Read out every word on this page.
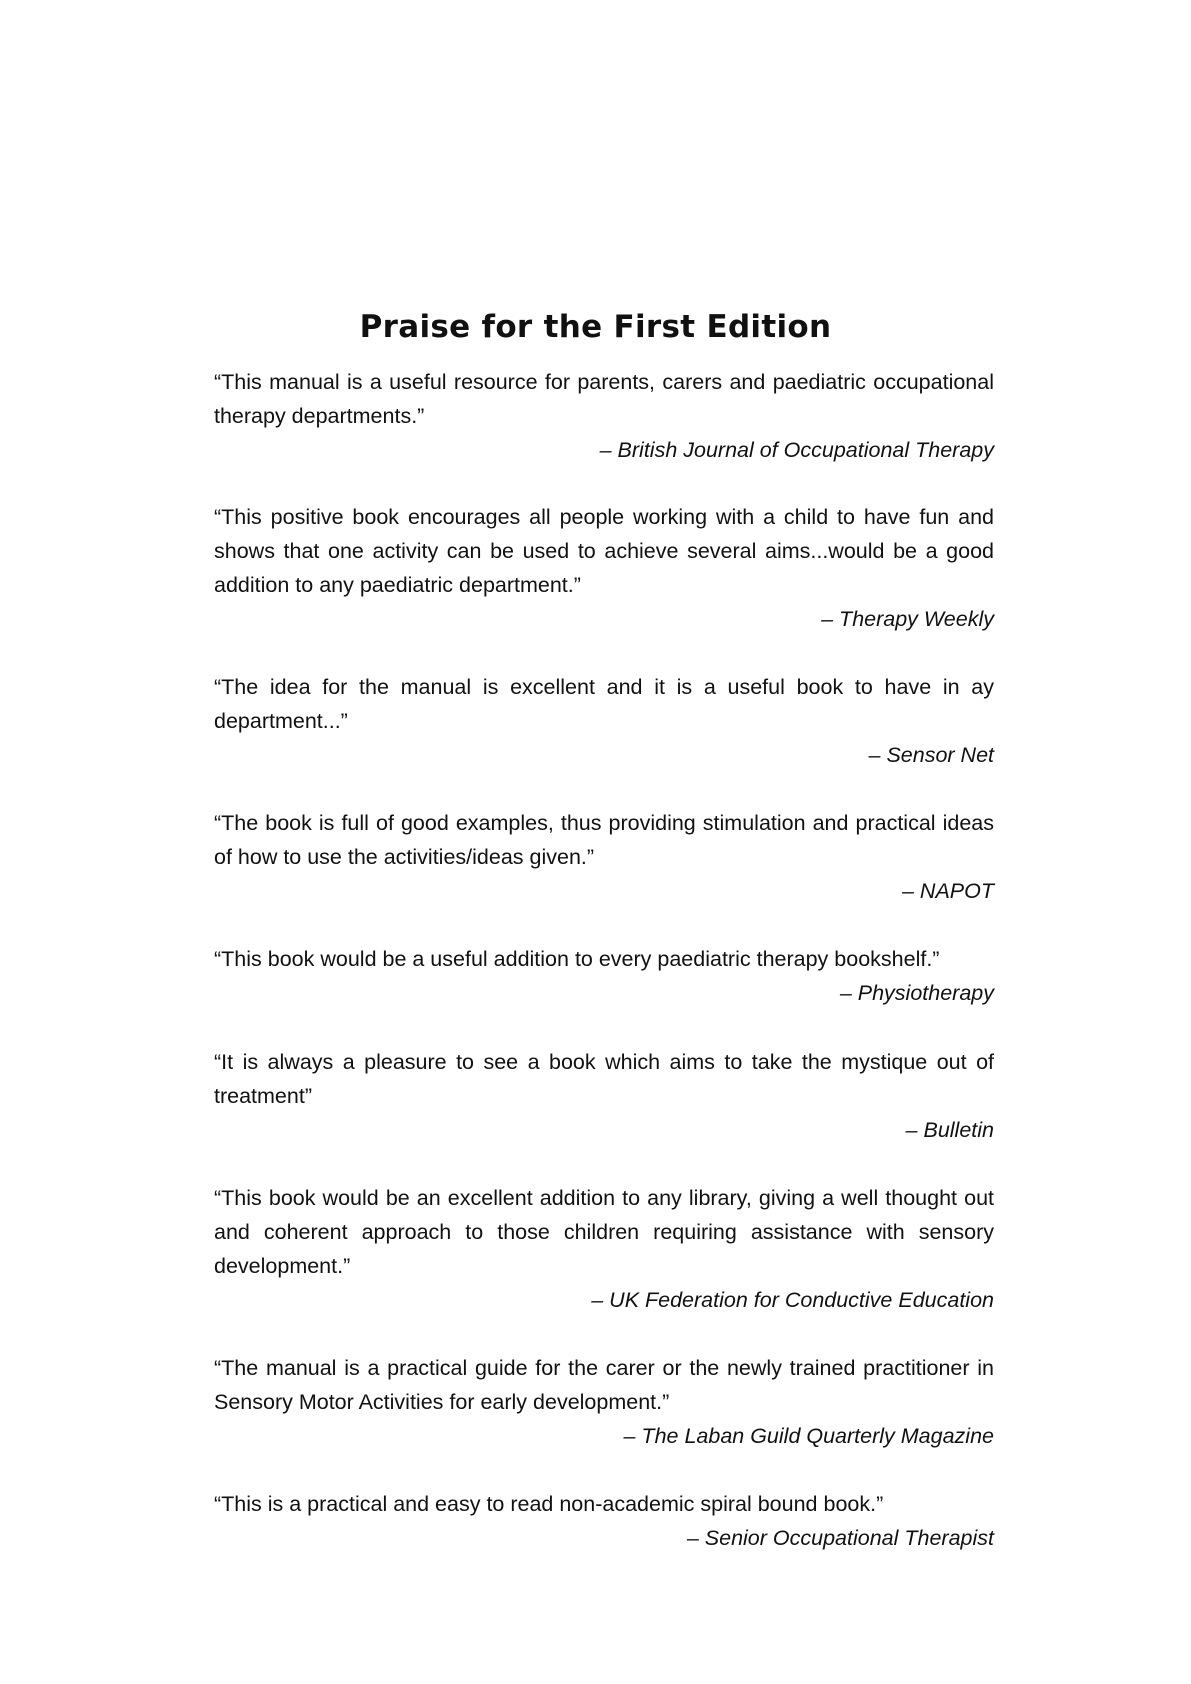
Praise for the First Edition

“This manual is a useful resource for parents, carers and paediatric occupational therapy departments.”

– British Journal of Occupational Therapy

“This positive book encourages all people working with a child to have fun and shows that one activity can be used to achieve several aims...would be a good addition to any paediatric department.”

– Therapy Weekly

“The idea for the manual is excellent and it is a useful book to have in ay department...”

– Sensor Net

“The book is full of good examples, thus providing stimulation and practical ideas of how to use the activities/ideas given.”

– NAPOT

“This book would be a useful addition to every paediatric therapy bookshelf.”

– Physiotherapy

“It is always a pleasure to see a book which aims to take the mystique out of treatment”

– Bulletin

“This book would be an excellent addition to any library, giving a well thought out and coherent approach to those children requiring assistance with sensory development.”

– UK Federation for Conductive Education

“The manual is a practical guide for the carer or the newly trained practitioner in Sensory Motor Activities for early development.”

– The Laban Guild Quarterly Magazine

“This is a practical and easy to read non-academic spiral bound book.”

– Senior Occupational Therapist
